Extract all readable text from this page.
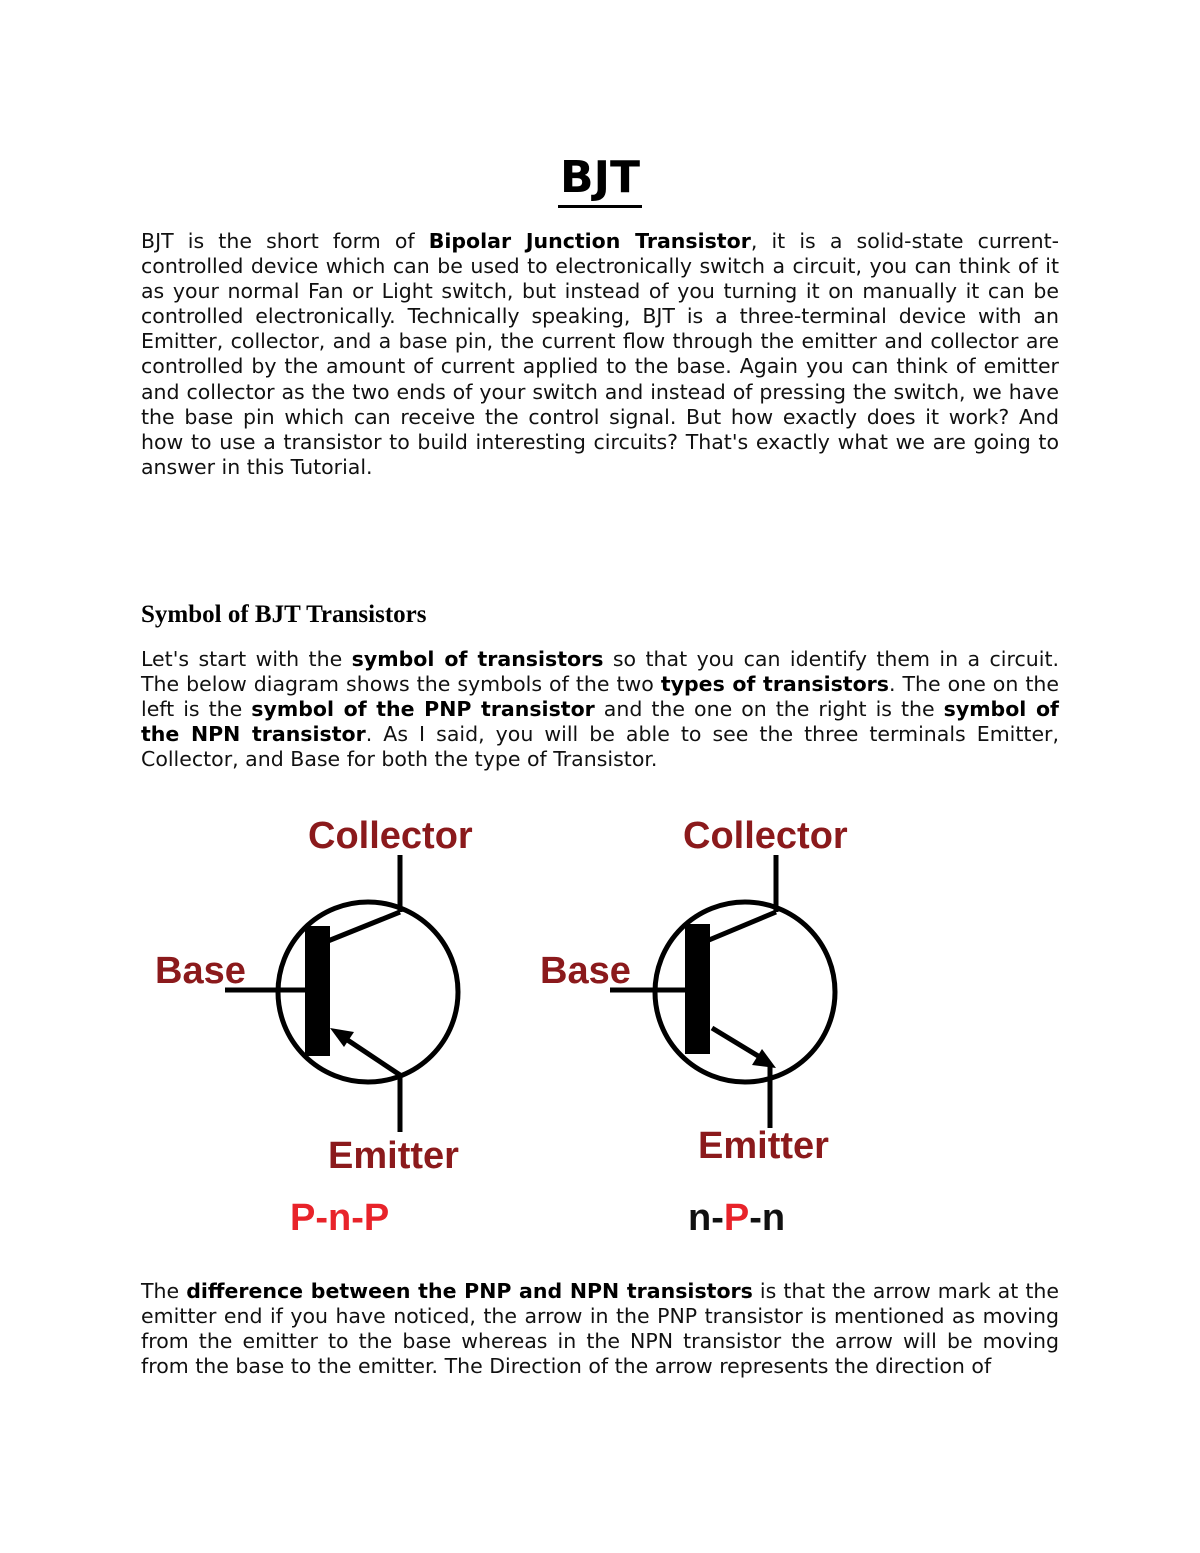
BJT

BJT is the short form of Bipolar Junction Transistor, it is a solid-state current-controlled device which can be used to electronically switch a circuit, you can think of it as your normal Fan or Light switch, but instead of you turning it on manually it can be controlled electronically. Technically speaking, BJT is a three-terminal device with an Emitter, collector, and a base pin, the current flow through the emitter and collector are controlled by the amount of current applied to the base. Again you can think of emitter and collector as the two ends of your switch and instead of pressing the switch, we have the base pin which can receive the control signal. But how exactly does it work? And how to use a transistor to build interesting circuits? That's exactly what we are going to answer in this Tutorial.

Symbol of BJT Transistors

Let's start with the symbol of transistors so that you can identify them in a circuit. The below diagram shows the symbols of the two types of transistors. The one on the left is the symbol of the PNP transistor and the one on the right is the symbol of the NPN transistor. As I said, you will be able to see the three terminals Emitter, Collector, and Base for both the type of Transistor.

Collector
Base
Emitter
P-n-P
Collector
Base
Emitter
n-P-n

The difference between the PNP and NPN transistors is that the arrow mark at the emitter end if you have noticed, the arrow in the PNP transistor is mentioned as moving from the emitter to the base whereas in the NPN transistor the arrow will be moving from the base to the emitter. The Direction of the arrow represents the direction of
